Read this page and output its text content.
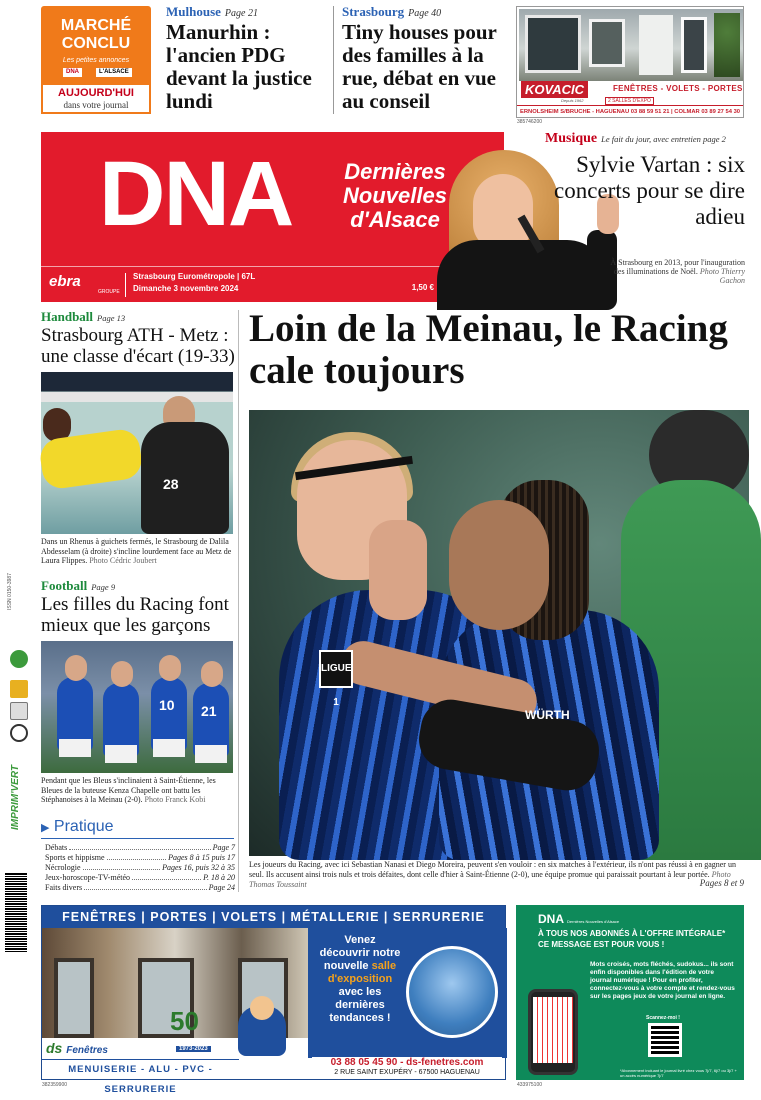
MARCHÉ
CONCLU
Les petites annonces
DNA	L'ALSACE
AUJOURD'HUI
dans votre journal
Mulhouse Page 21
Manurhin : l'ancien PDG devant la justice lundi
Strasbourg Page 40
Tiny houses pour des familles à la rue, débat en vue au conseil	KOVACIC
Depuis 1962
FENÊTRES - VOLETS - PORTES
2 SALLES D'EXPO
ERNOLSHEIM S/BRUCHE - HAGUENAU 03 88 59 51 21 | COLMAR 03 89 27 54 30
385746200
DNA	Dernières
Nouvelles
d'Alsace
ebra
GROUPE
Strasbourg Eurométropole | 67L
Dimanche 3 novembre 2024	1,50 €
Musique Le fait du jour, avec entretien page 2
Sylvie Vartan : six concerts pour se dire adieu
À Strasbourg en 2013, pour l'inauguration des illuminations de Noël. Photo Thierry Gachon
Handball Page 13
Strasbourg ATH - Metz : une classe d'écart (19-33)
28
Dans un Rhenus à guichets fermés, le Strasbourg de Dalila Abdesselam (à droite) s'incline lourdement face au Metz de Laura Flippes. Photo Cédric Joubert
Football Page 9
Les filles du Racing font mieux que les garçons
10 21
Pendant que les Bleus s'inclinaient à Saint-Étienne, les Bleues de la buteuse Kenza Chapelle ont battu les Stéphanoises à la Meinau (2-0). Photo Franck Kobi
▶ Pratique
Débats	Page 7
Sports et hippisme	Pages 8 à 15 puis 17
Nécrologie	Pages 16, puis 32 à 35
Jeux-horoscope-TV-météo	P. 18 à 20
Faits divers	Page 24
ISSN 0150-3987
IMPRIM'VERT
Loin de la Meinau, le Racing cale toujours
LIGUE 1
WÜRTH
Les joueurs du Racing, avec ici Sebastian Nanasi et Diego Moreira, peuvent s'en vouloir : en six matches à l'extérieur, ils n'ont pas réussi à en gagner un seul. Ils accusent ainsi trois nuls et trois défaites, dont celle d'hier à Saint-Étienne (2-0), une équipe promue qui paraissait pourtant à leur portée. Photo Thomas Toussaint	Pages 8 et 9
FENÊTRES | PORTES | VOLETS | MÉTALLERIE | SERRURERIE
Venez découvrir notre nouvelle salle d'exposition avec les dernières tendances !
03 88 05 45 90 - ds-fenetres.com
2 RUE SAINT EXUPÉRY - 67500 HAGUENAU
ds Fenêtres
50
1973-2023
MENUISERIE - ALU - PVC - SERRURERIE
382359900
DNA Dernières Nouvelles d'Alsace
À TOUS NOS ABONNÉS À L'OFFRE INTÉGRALE* CE MESSAGE EST POUR VOUS !
Mots croisés, mots fléchés, sudokus... ils sont enfin disponibles dans l'édition de votre journal numérique ! Pour en profiter, connectez-vous à votre compte et rendez-vous sur les pages jeux de votre journal en ligne.
Scannez-moi !
*Abonnement incluant le journal livré chez vous 7j/7, 6j/7 ou 3j/7 + un accès numérique 7j/7
433975100
